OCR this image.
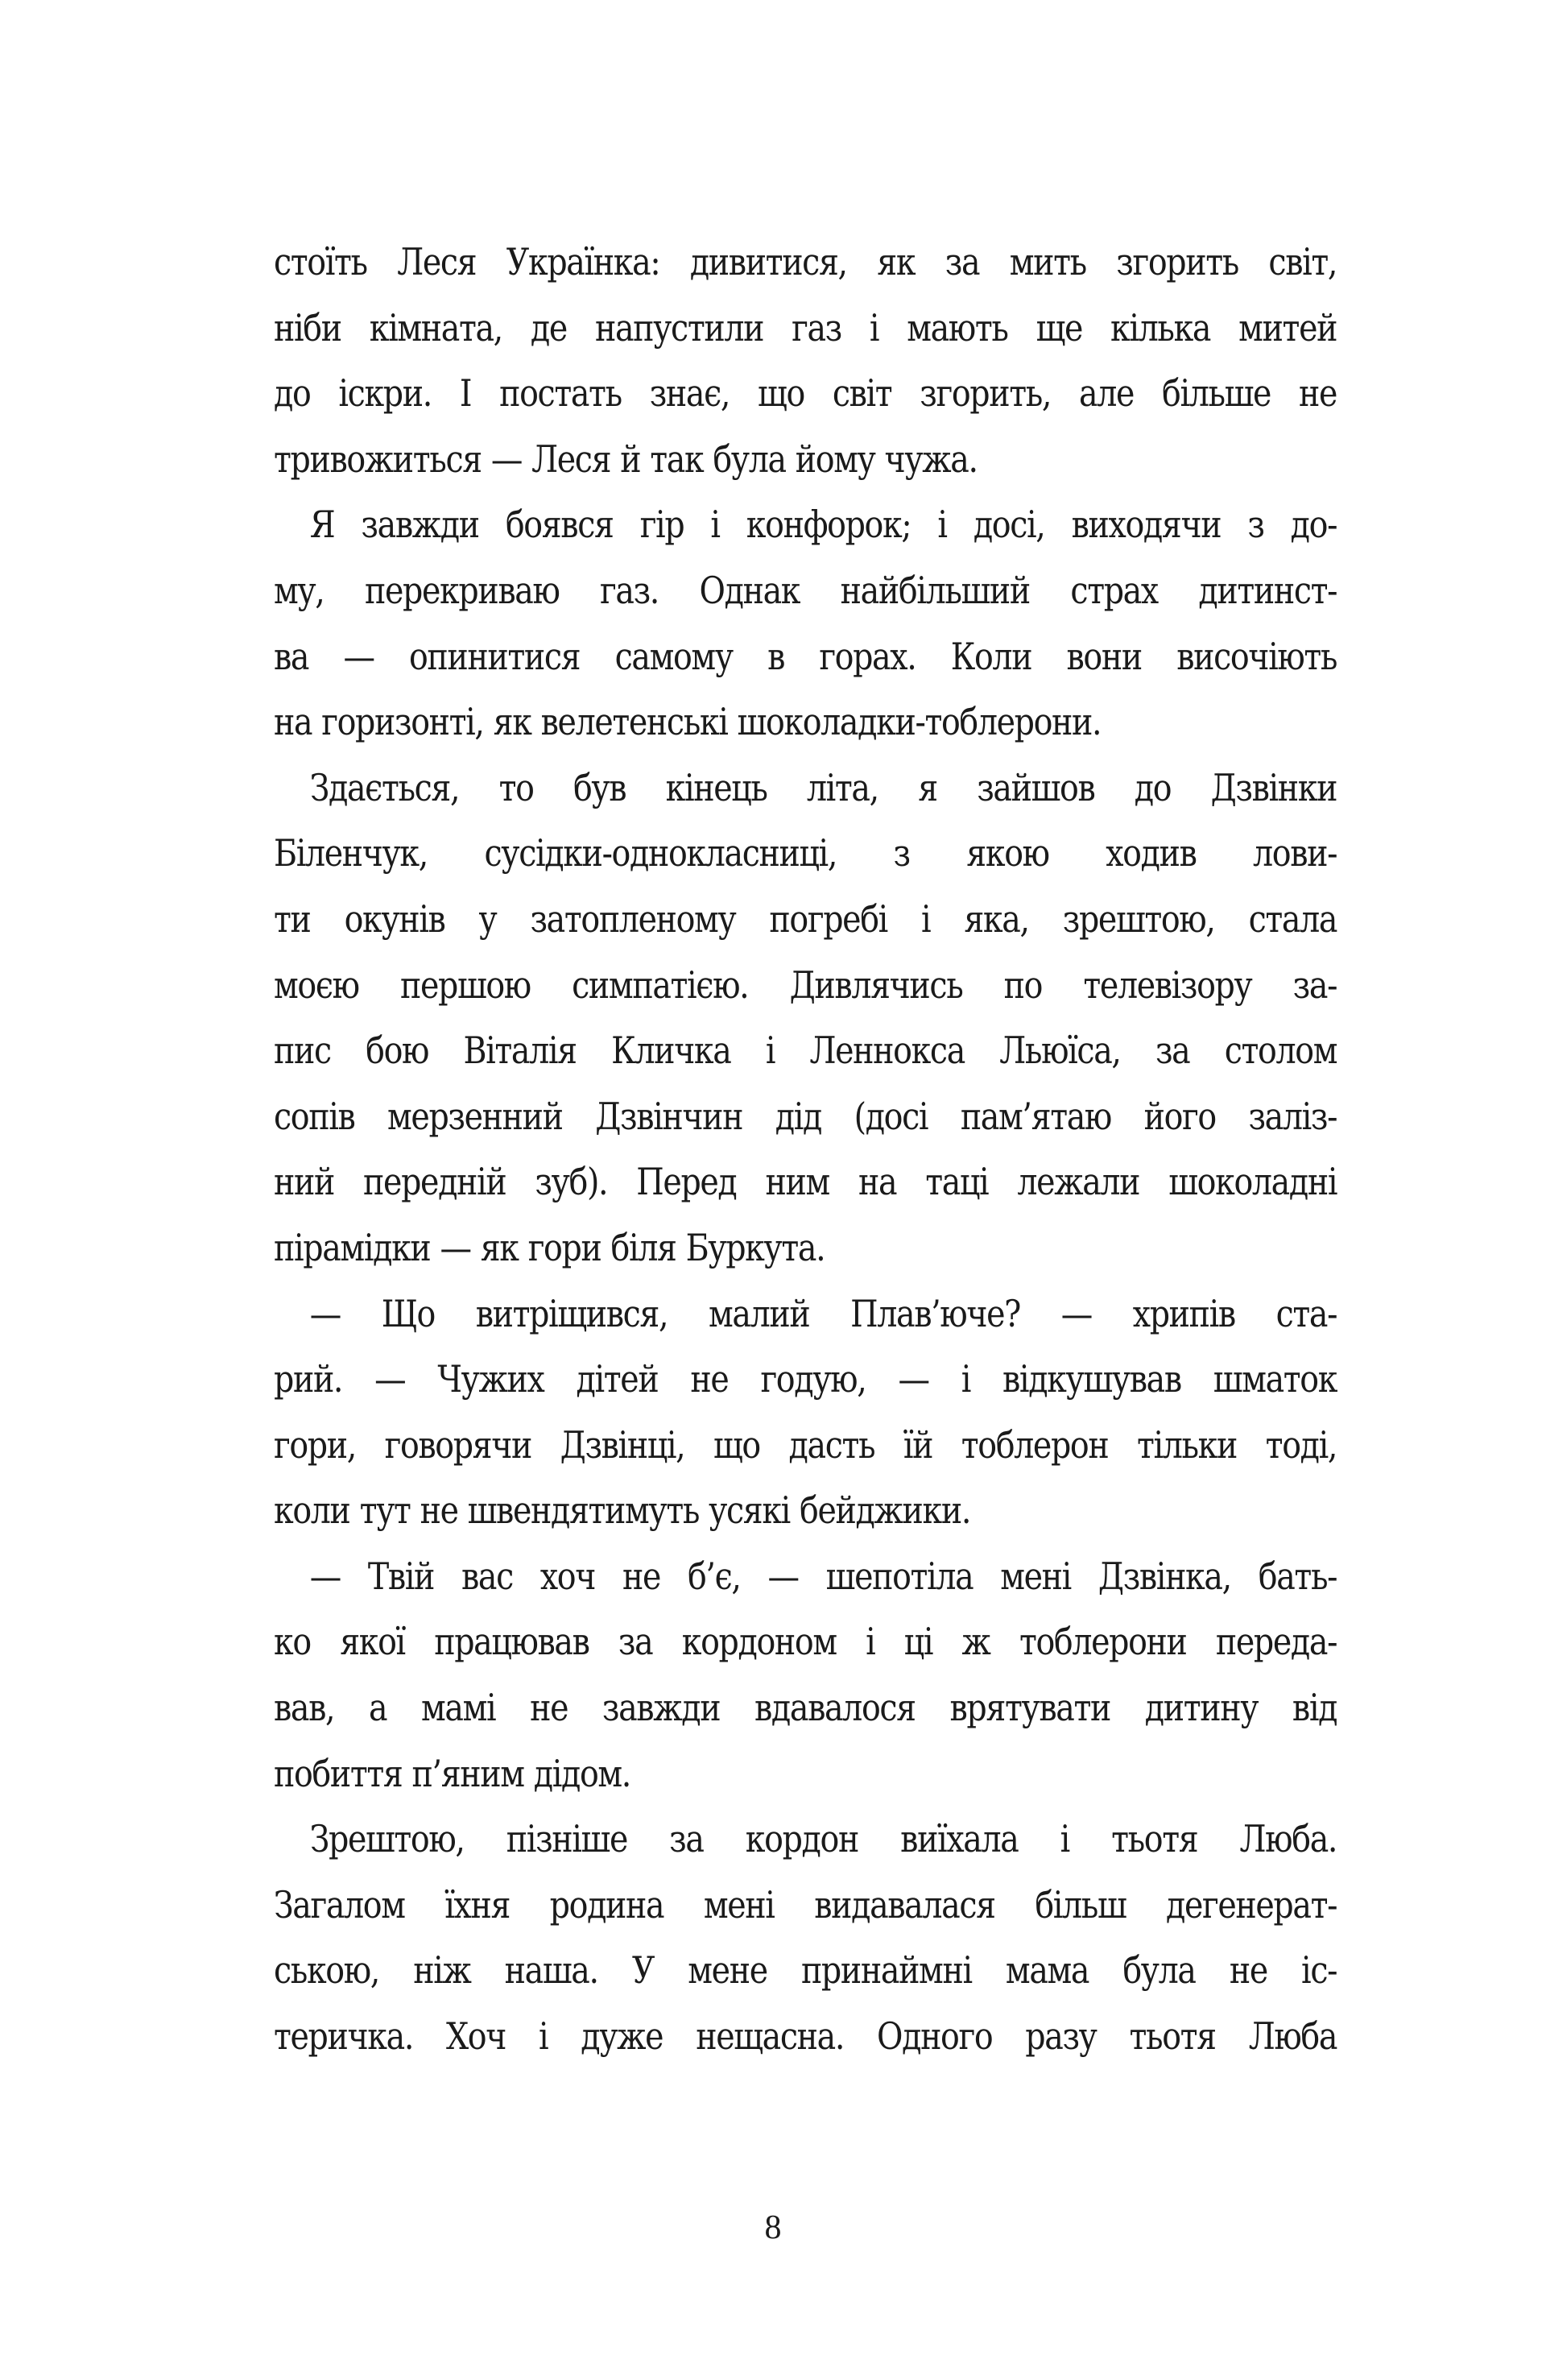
стоїть Леся Українка: дивитися, як за мить згорить світ,
ніби кімната, де напустили газ і мають ще кілька митей
до іскри. І постать знає, що світ згорить, але більше не
тривожиться — Леся й так була йому чужа.
Я завжди боявся гір і конфорок; і досі, виходячи з до-
му, перекриваю газ. Однак найбільший страх дитинст-
ва — опинитися самому в горах. Коли вони височіють
на горизонті, як велетенські шоколадки-тоблерони.
Здається, то був кінець літа, я зайшов до Дзвінки
Біленчук, сусідки-однокласниці, з якою ходив лови-
ти окунів у затопленому погребі і яка, зрештою, стала
моєю першою симпатією. Дивлячись по телевізору за-
пис бою Віталія Кличка і Леннокса Льюїса, за столом
сопів мерзенний Дзвінчин дід (досі пам’ятаю його заліз-
ний передній зуб). Перед ним на таці лежали шоколадні
пірамідки — як гори біля Буркута.
— Що витріщився, малий Плав’юче? — хрипів ста-
рий. — Чужих дітей не годую, — і відкушував шматок
гори, говорячи Дзвінці, що дасть їй тоблерон тільки тоді,
коли тут не швендятимуть усякі бейджики.
— Твій вас хоч не б’є, — шепотіла мені Дзвінка, бать-
ко якої працював за кордоном і ці ж тоблерони переда-
вав, а мамі не завжди вдавалося врятувати дитину від
побиття п’яним дідом.
Зрештою, пізніше за кордон виїхала і тьотя Люба.
Загалом їхня родина мені видавалася більш дегенерат-
ською, ніж наша. У мене принаймні мама була не іс-
теричка. Хоч і дуже нещасна. Одного разу тьотя Люба
8
